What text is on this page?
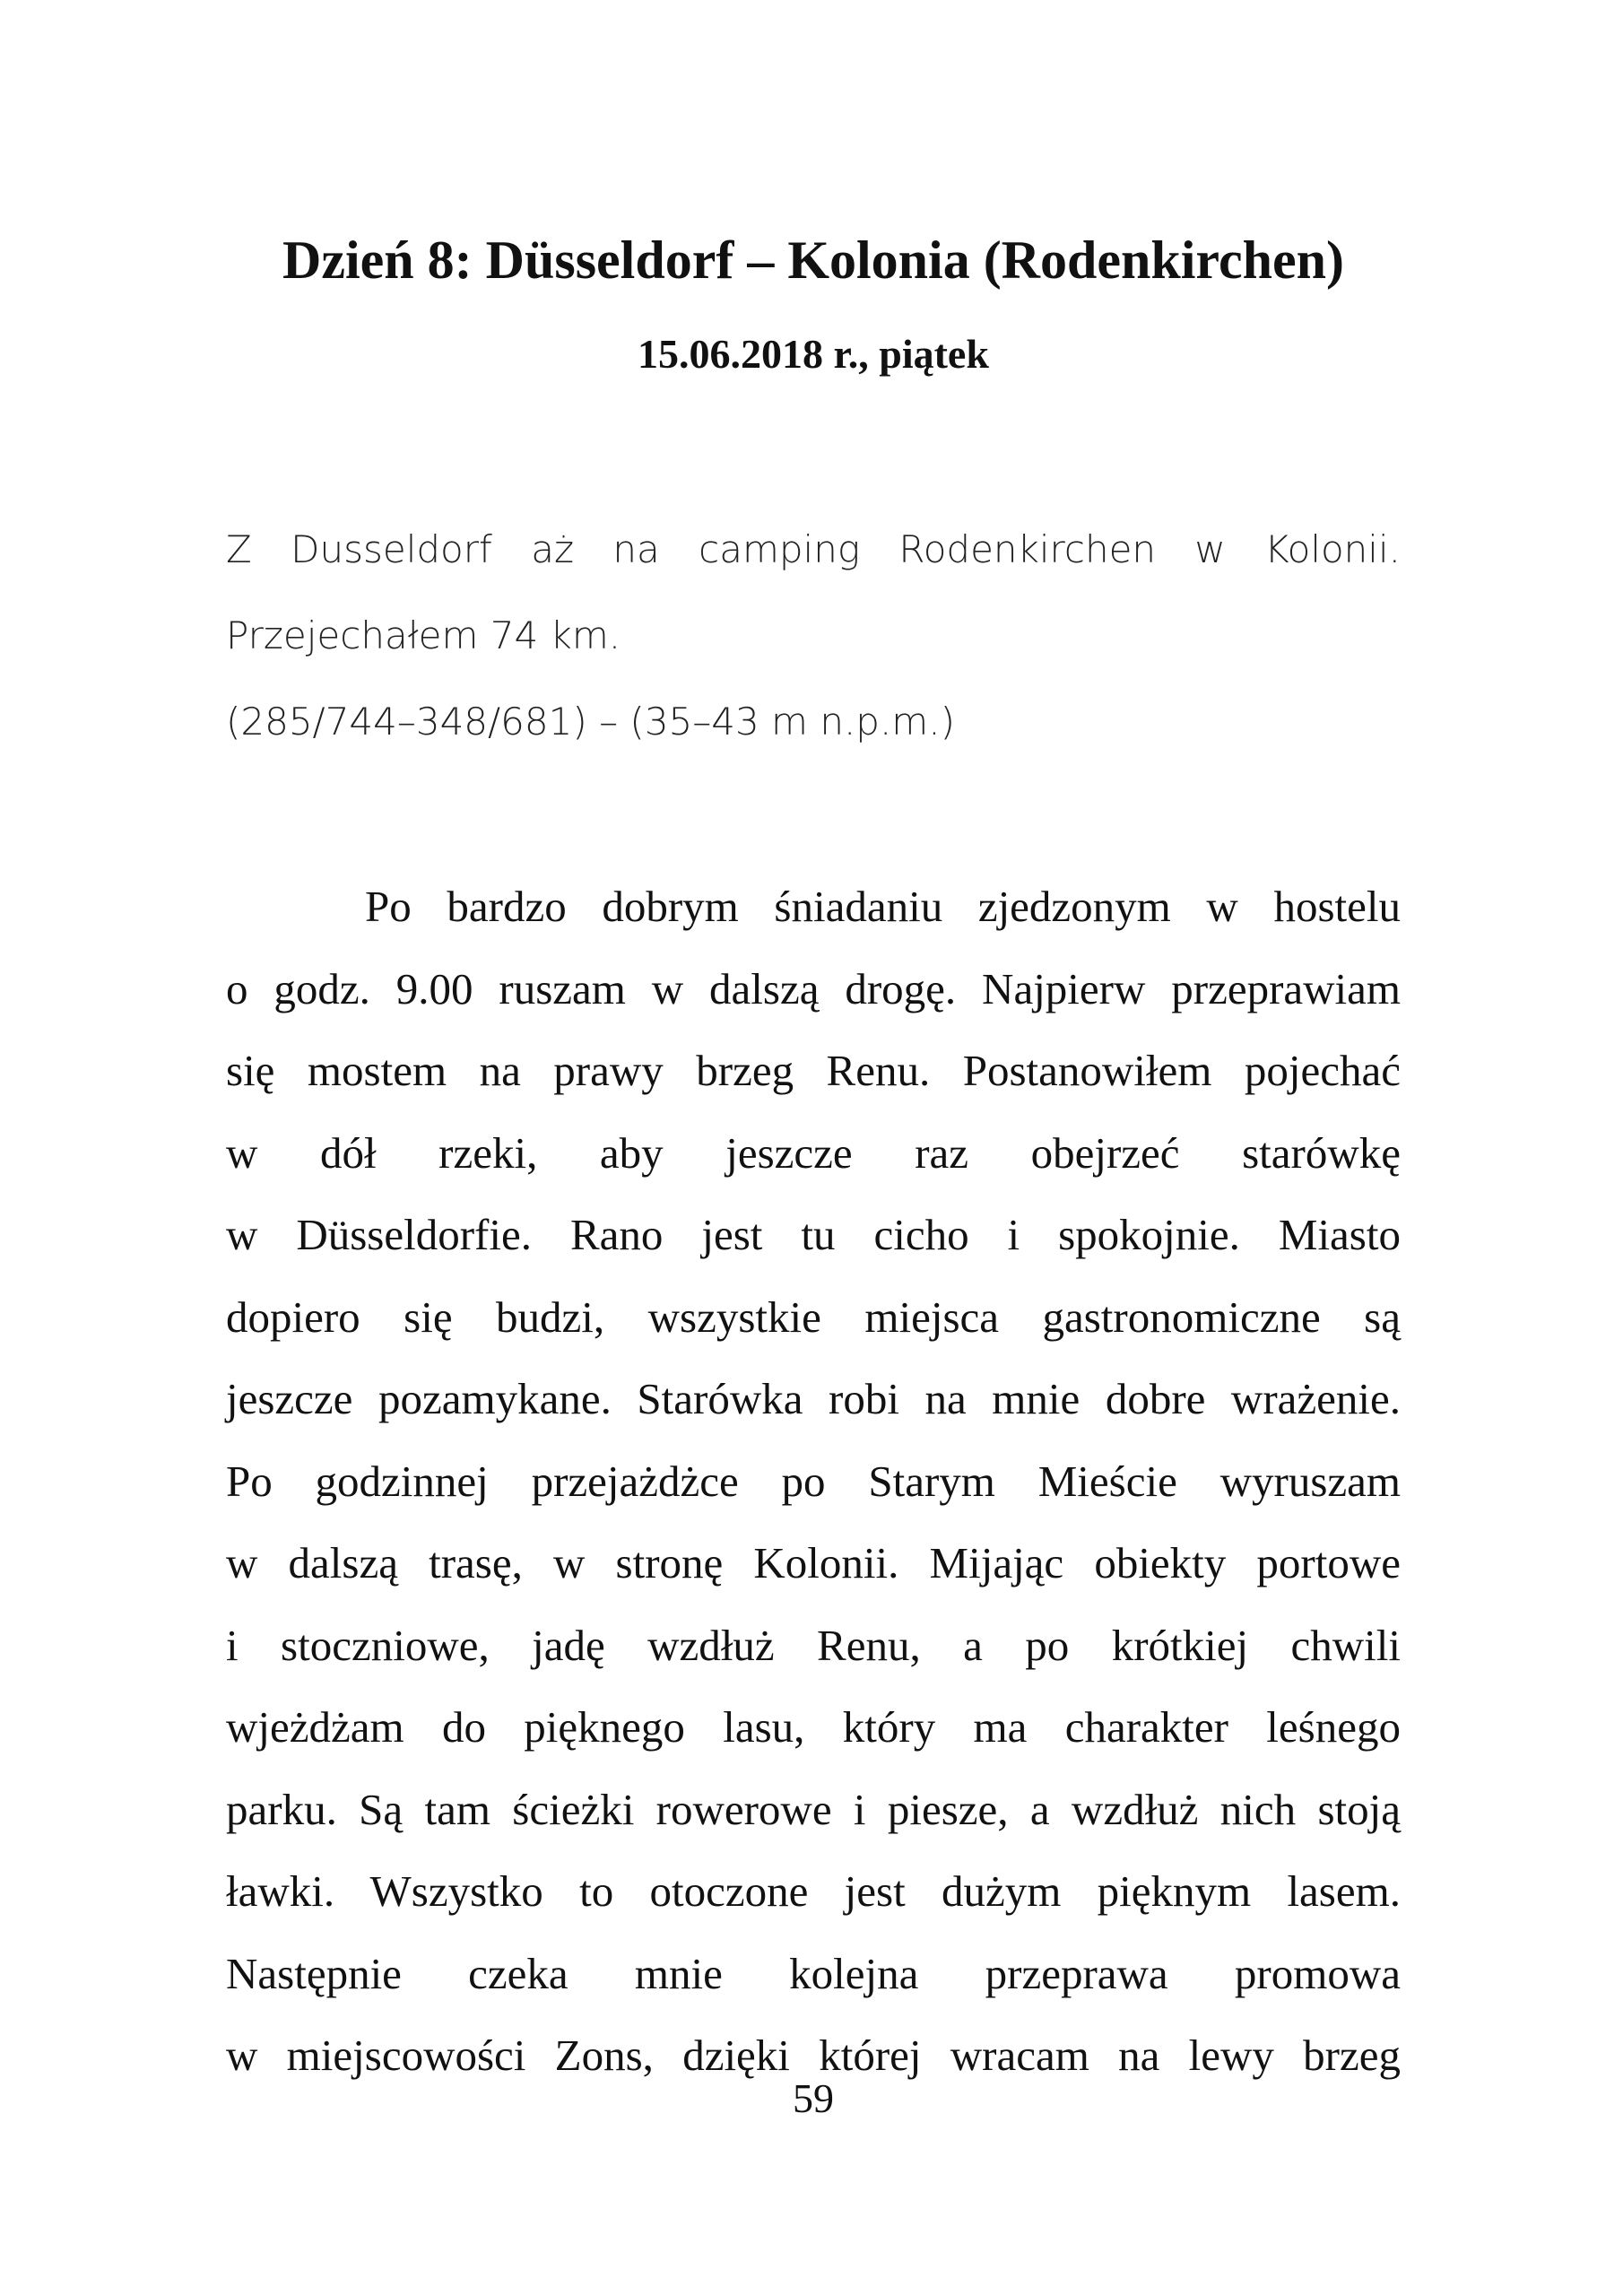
Dzień 8: Düsseldorf – Kolonia (Rodenkirchen)

15.06.2018 r., piątek

Z Dusseldorf aż na camping Rodenkirchen w Kolonii.
Przejechałem 74 km.
(285/744–348/681) – (35–43 m n.p.m.)
Po bardzo dobrym śniadaniu zjedzonym w hostelu
o godz. 9.00 ruszam w dalszą drogę. Najpierw przeprawiam
się mostem na prawy brzeg Renu. Postanowiłem pojechać
w dół rzeki, aby jeszcze raz obejrzeć starówkę
w Düsseldorfie. Rano jest tu cicho i spokojnie. Miasto
dopiero się budzi, wszystkie miejsca gastronomiczne są
jeszcze pozamykane. Starówka robi na mnie dobre wrażenie.
Po godzinnej przejażdżce po Starym Mieście wyruszam
w dalszą trasę, w stronę Kolonii. Mijając obiekty portowe
i stoczniowe, jadę wzdłuż Renu, a po krótkiej chwili
wjeżdżam do pięknego lasu, który ma charakter leśnego
parku. Są tam ścieżki rowerowe i piesze, a wzdłuż nich stoją
ławki. Wszystko to otoczone jest dużym pięknym lasem.
Następnie czeka mnie kolejna przeprawa promowa
w miejscowości Zons, dzięki której wracam na lewy brzeg
59
